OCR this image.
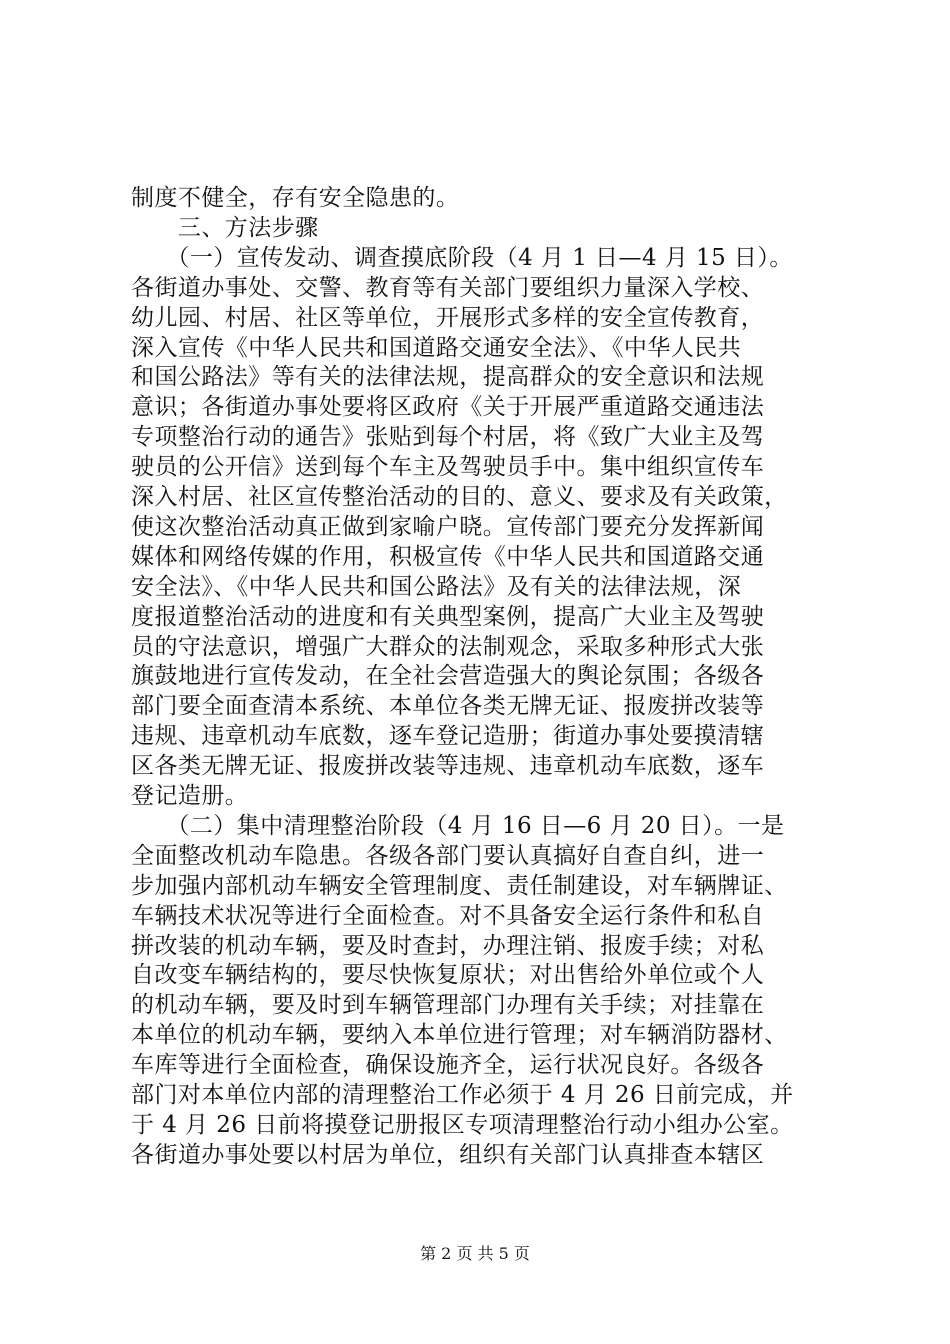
制度不健全，存有安全隐患的。
　　三、方法步骤
　　（一）宣传发动、调查摸底阶段（4 月 1 日—4 月 15 日）。
各街道办事处、交警、教育等有关部门要组织力量深入学校、
幼儿园、村居、社区等单位，开展形式多样的安全宣传教育，
深入宣传《中华人民共和国道路交通安全法》、《中华人民共
和国公路法》等有关的法律法规，提高群众的安全意识和法规
意识；各街道办事处要将区政府《关于开展严重道路交通违法
专项整治行动的通告》张贴到每个村居，将《致广大业主及驾
驶员的公开信》送到每个车主及驾驶员手中。集中组织宣传车
深入村居、社区宣传整治活动的目的、意义、要求及有关政策，
使这次整治活动真正做到家喻户晓。宣传部门要充分发挥新闻
媒体和网络传媒的作用，积极宣传《中华人民共和国道路交通
安全法》、《中华人民共和国公路法》及有关的法律法规，深
度报道整治活动的进度和有关典型案例，提高广大业主及驾驶
员的守法意识，增强广大群众的法制观念，采取多种形式大张
旗鼓地进行宣传发动，在全社会营造强大的舆论氛围；各级各
部门要全面查清本系统、本单位各类无牌无证、报废拼改装等
违规、违章机动车底数，逐车登记造册；街道办事处要摸清辖
区各类无牌无证、报废拼改装等违规、违章机动车底数，逐车
登记造册。
　　（二）集中清理整治阶段（4 月 16 日—6 月 20 日）。一是
全面整改机动车隐患。各级各部门要认真搞好自查自纠，进一
步加强内部机动车辆安全管理制度、责任制建设，对车辆牌证、
车辆技术状况等进行全面检查。对不具备安全运行条件和私自
拼改装的机动车辆，要及时查封，办理注销、报废手续；对私
自改变车辆结构的，要尽快恢复原状；对出售给外单位或个人
的机动车辆，要及时到车辆管理部门办理有关手续；对挂靠在
本单位的机动车辆，要纳入本单位进行管理；对车辆消防器材、
车库等进行全面检查，确保设施齐全，运行状况良好。各级各
部门对本单位内部的清理整治工作必须于 4 月 26 日前完成，并
于 4 月 26 日前将摸登记册报区专项清理整治行动小组办公室。
各街道办事处要以村居为单位，组织有关部门认真排查本辖区
第 2 页 共 5 页
